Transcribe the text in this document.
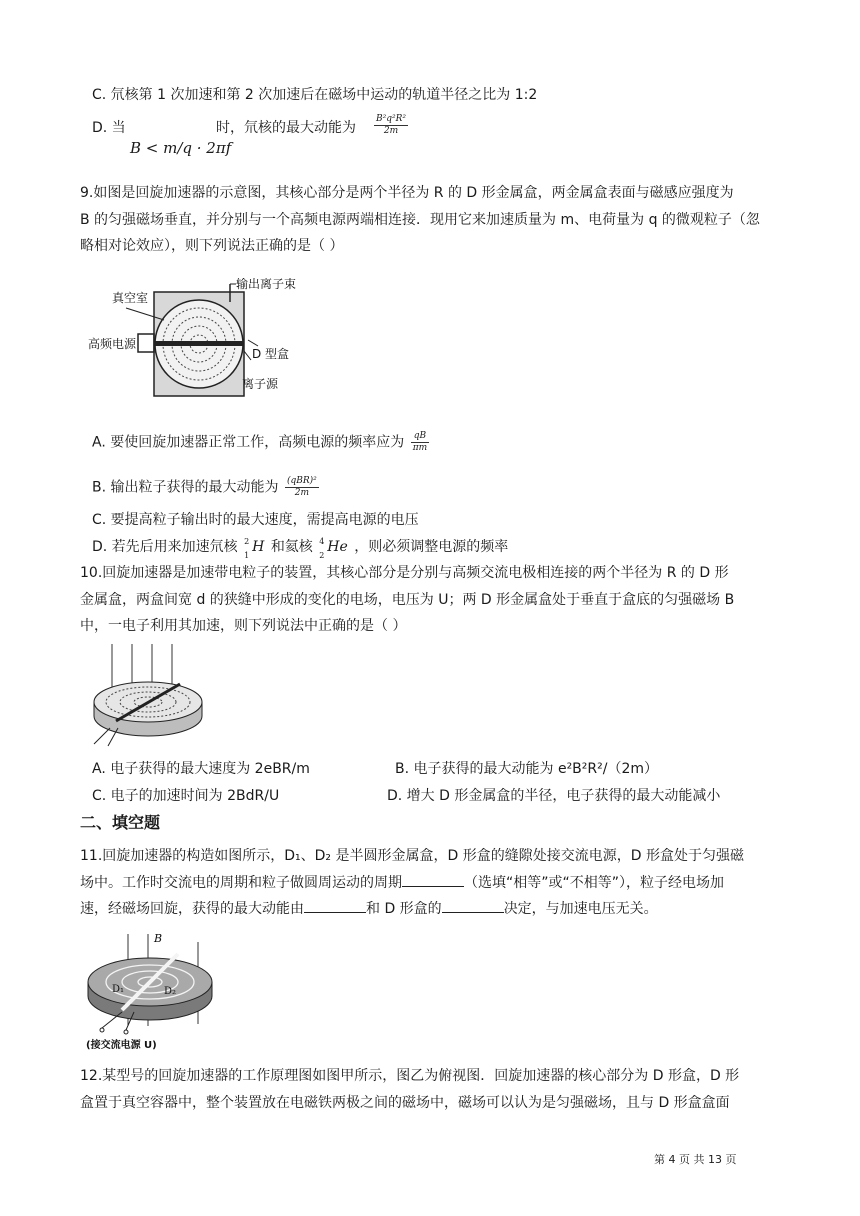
C. 氘核第 1 次加速和第 2 次加速后在磁场中运动的轨道半径之比为 1:2
D. 当
B < m/q · 2πf
时，氘核的最大动能为 $\frac{\text{B²q²R²}}{2m}$
9.如图是回旋加速器的示意图，其核心部分是两个半径为 R 的 D 形金属盒，两金属盒表面与磁感应强度为
B 的匀强磁场垂直，并分别与一个高频电源两端相连接．现用它来加速质量为 m、电荷量为 q 的微观粒子（忽
略相对论效应），则下列说法正确的是（ ）
真空室
输出离子束
高频电源
D 型盒
离子源
A. 要使回旋加速器正常工作，高频电源的频率应为 $\frac{qB}{\pi m}$
B. 输出粒子获得的最大动能为 $\frac{\text{(qBR)²}}{2m}$
C. 要提高粒子输出时的最大速度，需提高电源的电压
D. 若先后用来加速氘核 2
1
H 和氦核 4
2
He ，则必须调整电源的频率
10.回旋加速器是加速带电粒子的装置，其核心部分是分别与高频交流电极相连接的两个半径为 R 的 D 形
金属盒，两盒间宽 d 的狭缝中形成的变化的电场，电压为 U；两 D 形金属盒处于垂直于盒底的匀强磁场 B
中，一电子利用其加速，则下列说法中正确的是（ ）
A. 电子获得的最大速度为 2eBR/m	B. 电子获得的最大动能为 e²B²R²/（2m）
C. 电子的加速时间为 2BdR/U	D. 增大 D 形金属盒的半径，电子获得的最大动能减小
二、填空题
11.回旋加速器的构造如图所示，D₁、D₂ 是半圆形金属盒，D 形盒的缝隙处接交流电源，D 形盒处于匀强磁
场中。工作时交流电的周期和粒子做圆周运动的周期	（选填“相等”或“不相等”），粒子经电场加
速，经磁场回旋，获得的最大动能由	和 D 形盒的	决定，与加速电压无关。
B
D₁	D₂
(接交流电源 U)
12.某型号的回旋加速器的工作原理图如图甲所示，图乙为俯视图．回旋加速器的核心部分为 D 形盒，D 形
盒置于真空容器中，整个装置放在电磁铁两极之间的磁场中，磁场可以认为是匀强磁场，且与 D 形盒盒面
第 4 页 共 13 页
